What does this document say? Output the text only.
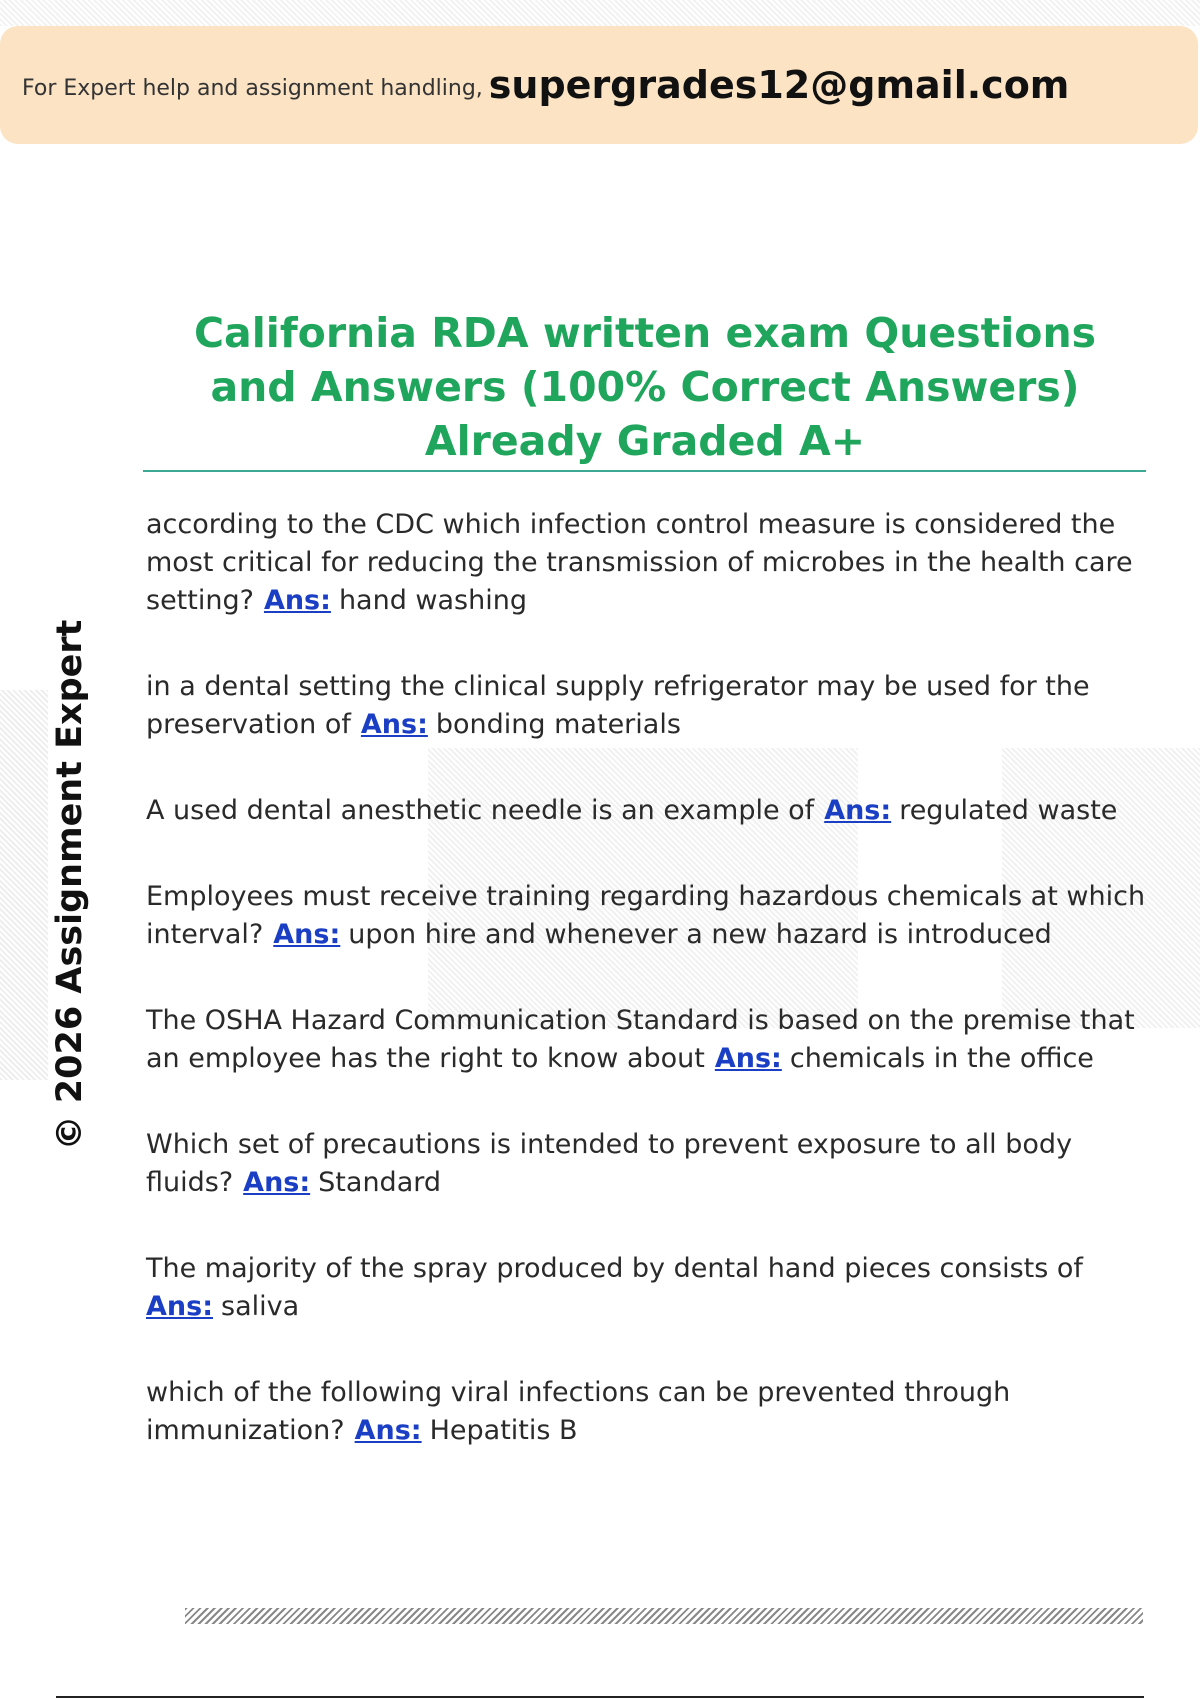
For Expert help and assignment handling, supergrades12@gmail.com
© 2026 Assignment Expert
California RDA written exam Questions and Answers (100% Correct Answers) Already Graded A+
according to the CDC which infection control measure is considered the most critical for reducing the transmission of microbes in the health care setting? Ans: hand washing
in a dental setting the clinical supply refrigerator may be used for the preservation of Ans: bonding materials
A used dental anesthetic needle is an example of Ans: regulated waste
Employees must receive training regarding hazardous chemicals at which interval? Ans: upon hire and whenever a new hazard is introduced
The OSHA Hazard Communication Standard is based on the premise that an employee has the right to know about Ans: chemicals in the office
Which set of precautions is intended to prevent exposure to all body fluids? Ans: Standard
The majority of the spray produced by dental hand pieces consists of
Ans: saliva
which of the following viral infections can be prevented through immunization? Ans: Hepatitis B
